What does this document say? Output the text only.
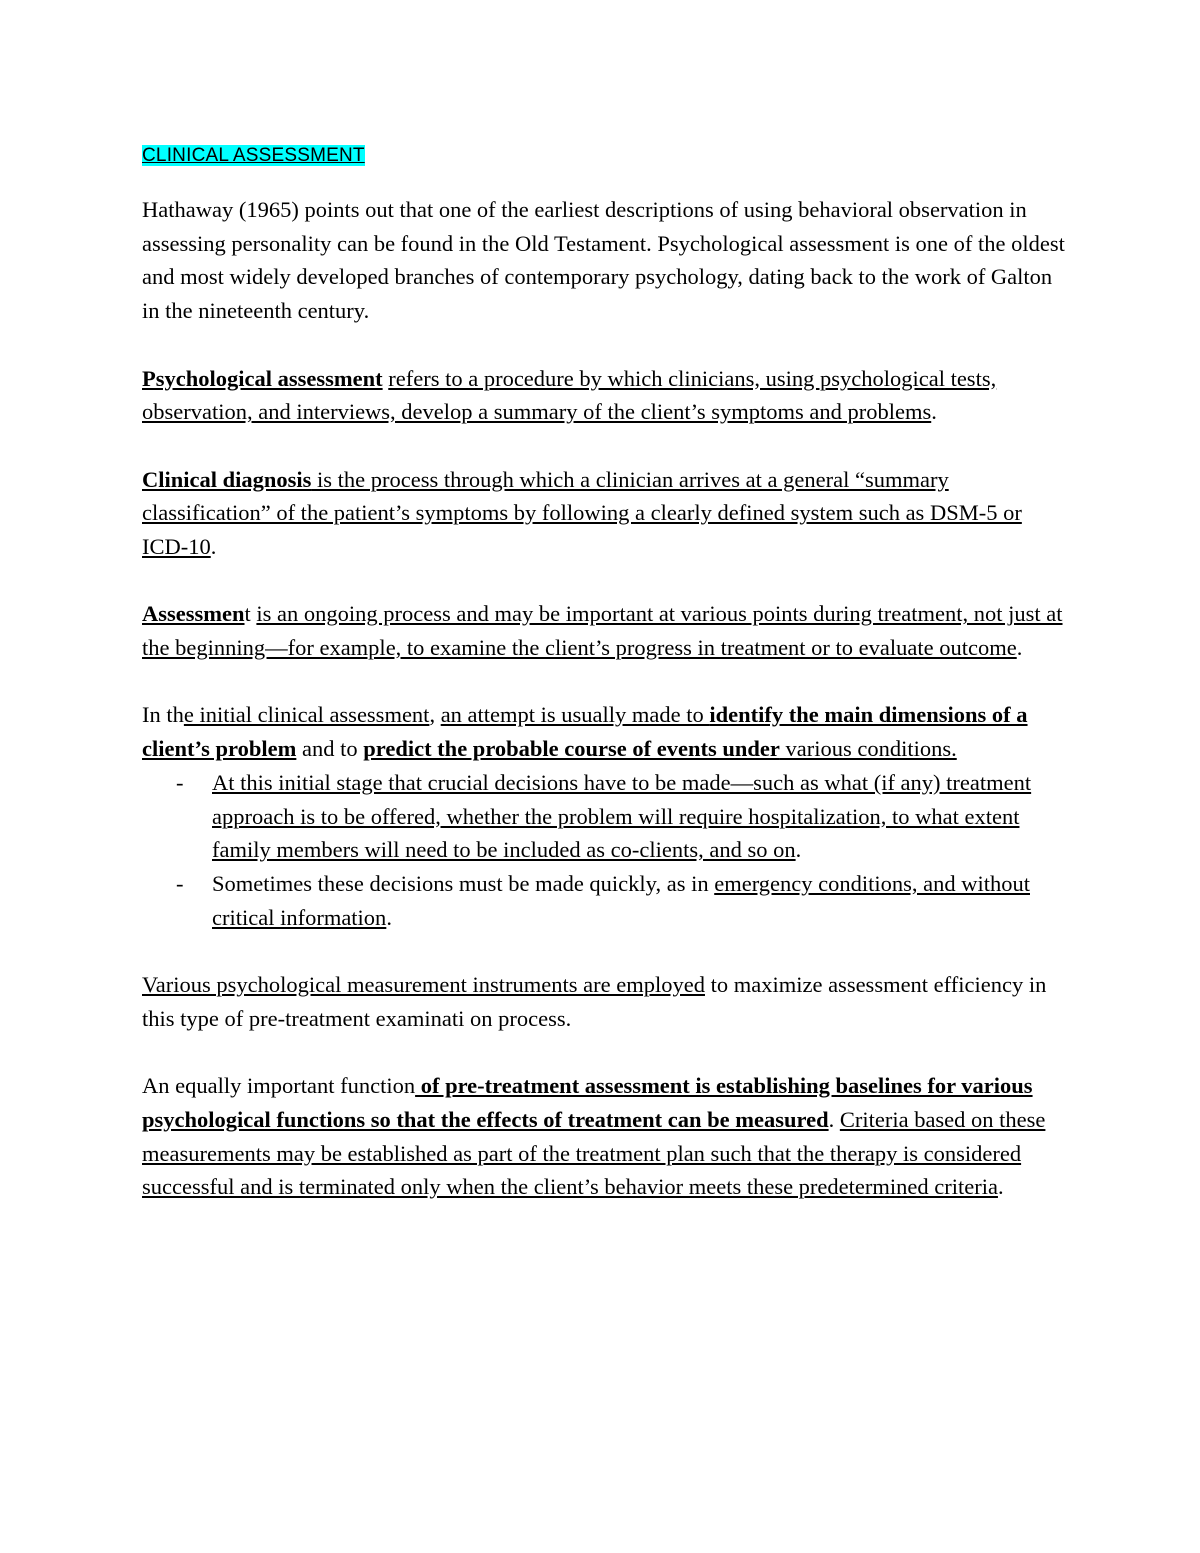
CLINICAL ASSESSMENT

Hathaway (1965) points out that one of the earliest descriptions of using behavioral observation in assessing personality can be found in the Old Testament. Psychological assessment is one of the oldest and most widely developed branches of contemporary psychology, dating back to the work of Galton in the nineteenth century.

Psychological assessment refers to a procedure by which clinicians, using psychological tests, observation, and interviews, develop a summary of the client’s symptoms and problems.

Clinical diagnosis is the process through which a clinician arrives at a general “summary classification” of the patient’s symptoms by following a clearly defined system such as DSM-5 or ICD-10.

Assessment is an ongoing process and may be important at various points during treatment, not just at the beginning—for example, to examine the client’s progress in treatment or to evaluate outcome.

In the initial clinical assessment, an attempt is usually made to identify the main dimensions of a client’s problem and to predict the probable course of events under various conditions.

- At this initial stage that crucial decisions have to be made—such as what (if any) treatment approach is to be offered, whether the problem will require hospitalization, to what extent family members will need to be included as co-clients, and so on.
- Sometimes these decisions must be made quickly, as in emergency conditions, and without critical information.

Various psychological measurement instruments are employed to maximize assessment efficiency in this type of pre-treatment examinati on process.

An equally important function of pre-treatment assessment is establishing baselines for various psychological functions so that the effects of treatment can be measured. Criteria based on these measurements may be established as part of the treatment plan such that the therapy is considered successful and is terminated only when the client’s behavior meets these predetermined criteria.
